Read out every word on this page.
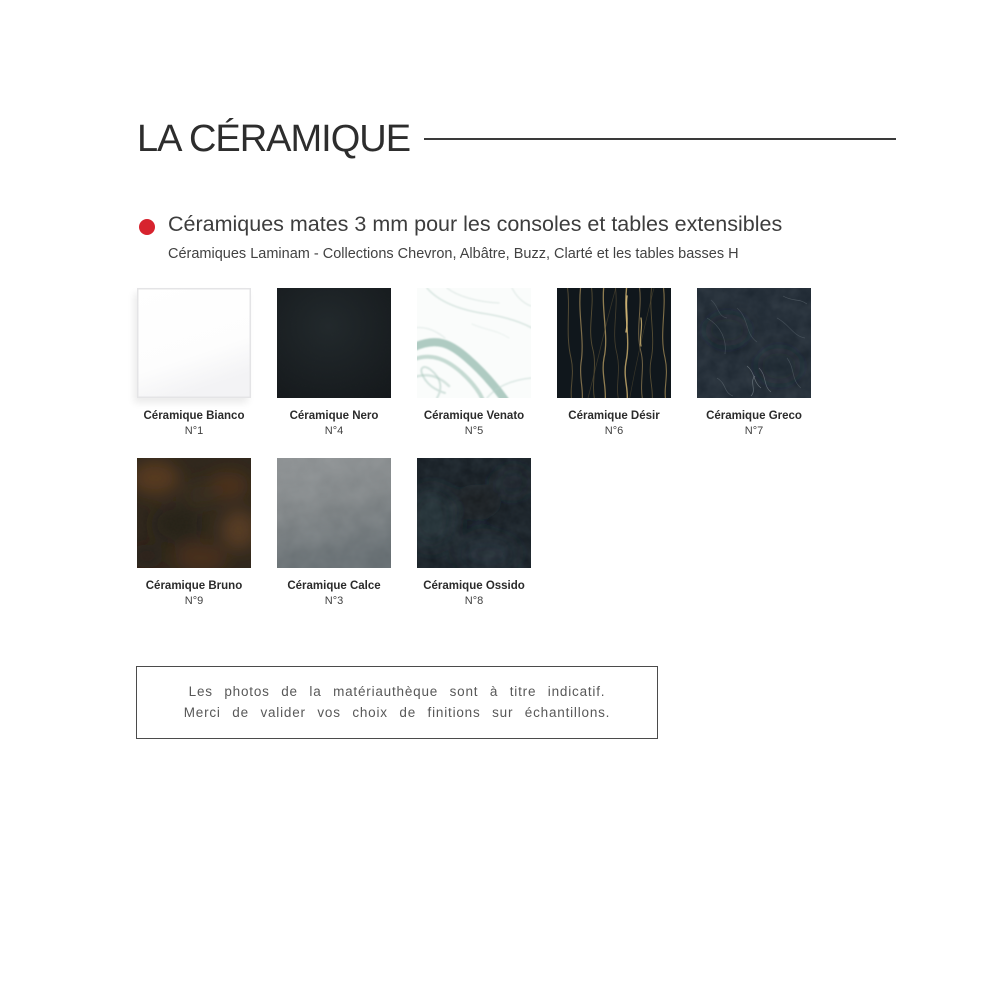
LA CÉRAMIQUE
Céramiques mates 3 mm pour les consoles et tables extensibles
Céramiques Laminam - Collections Chevron, Albâtre, Buzz, Clarté et les tables basses H
Céramique Bianco
N°1
Céramique Nero
N°4
Céramique Venato
N°5
Céramique Désir
N°6
Céramique Greco
N°7
Céramique Bruno
N°9
Céramique Calce
N°3
Céramique Ossido
N°8
Les photos de la matériauthèque sont à titre indicatif.
Merci de valider vos choix de finitions sur échantillons.
